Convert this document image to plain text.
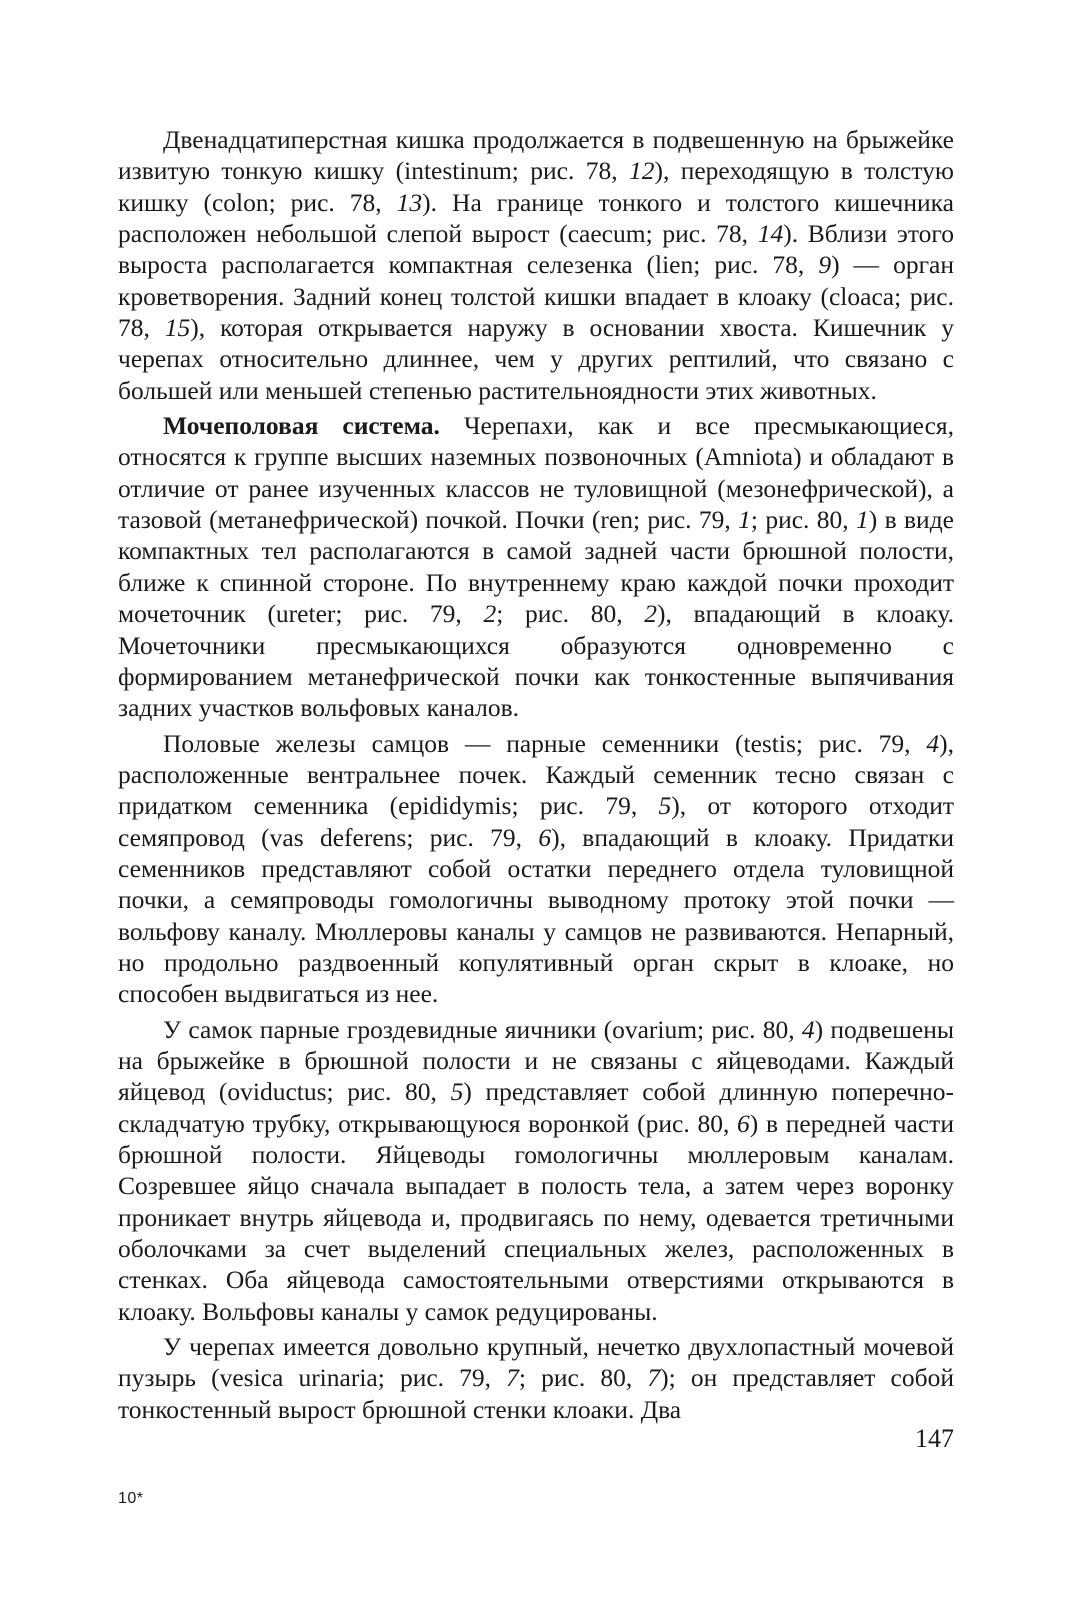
Двенадцатиперстная кишка продолжается в подвешенную на брыжейке извитую тонкую кишку (intestinum; рис. 78, 12), переходящую в толстую кишку (colon; рис. 78, 13). На границе тонкого и толстого кишечника расположен небольшой слепой вырост (caecum; рис. 78, 14). Вблизи этого выроста располагается компактная селезенка (lien; рис. 78, 9) — орган кроветворения. Задний конец толстой кишки впадает в клоаку (cloaca; рис. 78, 15), которая открывается наружу в основании хвоста. Кишечник у черепах относительно длиннее, чем у других рептилий, что связано с большей или меньшей степенью растительноядности этих животных.

Мочеполовая система. Черепахи, как и все пресмыкающиеся, относятся к группе высших наземных позвоночных (Amniota) и обладают в отличие от ранее изученных классов не туловищной (мезонефрической), а тазовой (метанефрической) почкой. Почки (ren; рис. 79, 1; рис. 80, 1) в виде компактных тел располагаются в самой задней части брюшной полости, ближе к спинной стороне. По внутреннему краю каждой почки проходит мочеточник (ureter; рис. 79, 2; рис. 80, 2), впадающий в клоаку. Мочеточники пресмыкающихся образуются одновременно с формированием метанефрической почки как тонкостенные выпячивания задних участков вольфовых каналов.

Половые железы самцов — парные семенники (testis; рис. 79, 4), расположенные вентральнее почек. Каждый семенник тесно связан с придатком семенника (epididymis; рис. 79, 5), от которого отходит семяпровод (vas deferens; рис. 79, 6), впадающий в клоаку. Придатки семенников представляют собой остатки переднего отдела туловищной почки, а семяпроводы гомологичны выводному протоку этой почки — вольфову каналу. Мюллеровы каналы у самцов не развиваются. Непарный, но продольно раздвоенный копулятивный орган скрыт в клоаке, но способен выдвигаться из нее.

У самок парные гроздевидные яичники (ovarium; рис. 80, 4) подвешены на брыжейке в брюшной полости и не связаны с яйцеводами. Каждый яйцевод (oviductus; рис. 80, 5) представляет собой длинную поперечно-складчатую трубку, открывающуюся воронкой (рис. 80, 6) в передней части брюшной полости. Яйцеводы гомологичны мюллеровым каналам. Созревшее яйцо сначала выпадает в полость тела, а затем через воронку проникает внутрь яйцевода и, продвигаясь по нему, одевается третичными оболочками за счет выделений специальных желез, расположенных в стенках. Оба яйцевода самостоятельными отверстиями открываются в клоаку. Вольфовы каналы у самок редуцированы.

У черепах имеется довольно крупный, нечетко двухлопастный мочевой пузырь (vesica urinaria; рис. 79, 7; рис. 80, 7); он представляет собой тонкостенный вырост брюшной стенки клоаки. Два

147
10*
